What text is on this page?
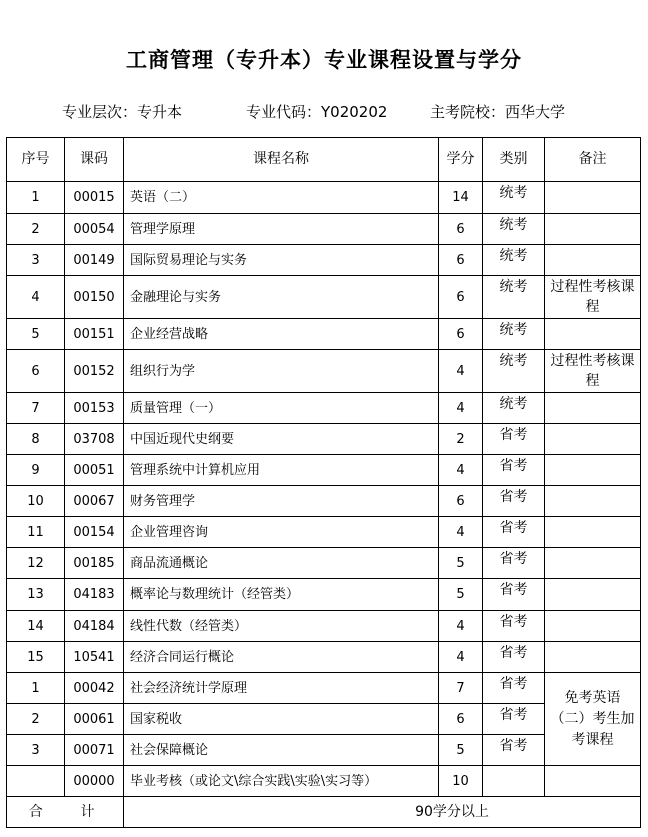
工商管理（专升本）专业课程设置与学分
专业层次：专升本	专业代码：Y020202	主考院校：西华大学
序号	课码	课程名称	学分	类别	备注
1	00015	英语（二）	14	统考	
2	00054	管理学原理	6	统考	
3	00149	国际贸易理论与实务	6	统考	
4	00150	金融理论与实务	6	统考	过程性考核课程
5	00151	企业经营战略	6	统考	
6	00152	组织行为学	4	统考	过程性考核课程
7	00153	质量管理（一）	4	统考	
8	03708	中国近现代史纲要	2	省考	
9	00051	管理系统中计算机应用	4	省考	
10	00067	财务管理学	6	省考	
11	00154	企业管理咨询	4	省考	
12	00185	商品流通概论	5	省考	
13	04183	概率论与数理统计（经管类）	5	省考	
14	04184	线性代数（经管类）	4	省考	
15	10541	经济合同运行概论	4	省考	
1	00042	社会经济统计学原理	7	省考	免考英语（二）考生加考课程
2	00061	国家税收	6	省考	
3	00071	社会保障概论	5	省考	
	00000	毕业考核（或论文\综合实践\实验\实习等）	10		
合	计	90学分以上			
